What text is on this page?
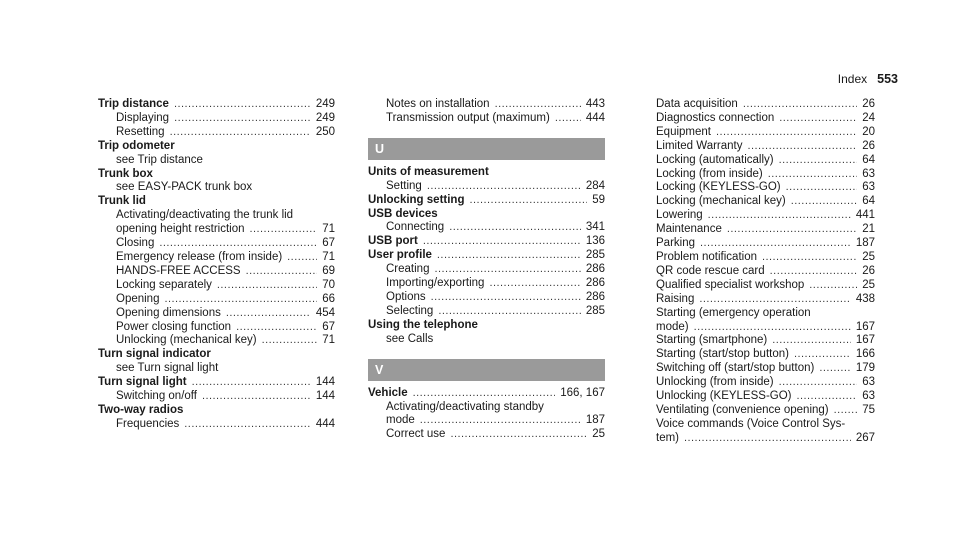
Index 553
Trip distance . . .	249
Displaying . . .	249
Resetting . . .	250
Trip odometer
see Trip distance
Trunk box
see EASY-PACK trunk box
Trunk lid
Activating/deactivating the trunk lid
opening height restriction . . .	71
Closing . . .	67
Emergency release (from inside) . . .	71
HANDS-FREE ACCESS . . .	69
Locking separately . . .	70
Opening . . .	66
Opening dimensions . . .	454
Power closing function . . .	67
Unlocking (mechanical key) . . .	71
Turn signal indicator
see Turn signal light
Turn signal light . . .	144
Switching on/off . . .	144
Two-way radios
Frequencies . . .	444
Notes on installation . . .	443
Transmission output (maximum) . . .	444
U
Units of measurement
Setting . . .	284
Unlocking setting . . .	59
USB devices
Connecting . . .	341
USB port . . .	136
User profile . . .	285
Creating . . .	286
Importing/exporting . . .	286
Options . . .	286
Selecting . . .	285
Using the telephone
see Calls
V
Vehicle . . .	166, 167
Activating/deactivating standby
mode . . .	187
Correct use . . .	25
Data acquisition . . .	26
Diagnostics connection . . .	24
Equipment . . .	20
Limited Warranty . . .	26
Locking (automatically) . . .	64
Locking (from inside) . . .	63
Locking (KEYLESS-GO) . . .	63
Locking (mechanical key) . . .	64
Lowering . . .	441
Maintenance . . .	21
Parking . . .	187
Problem notification . . .	25
QR code rescue card . . .	26
Qualified specialist workshop . . .	25
Raising . . .	438
Starting (emergency operation
mode) . . .	167
Starting (smartphone) . . .	167
Starting (start/stop button) . . .	166
Switching off (start/stop button) . . .	179
Unlocking (from inside) . . .	63
Unlocking (KEYLESS-GO) . . .	63
Ventilating (convenience opening) . . .	75
Voice commands (Voice Control Sys-
tem) . . .	267
